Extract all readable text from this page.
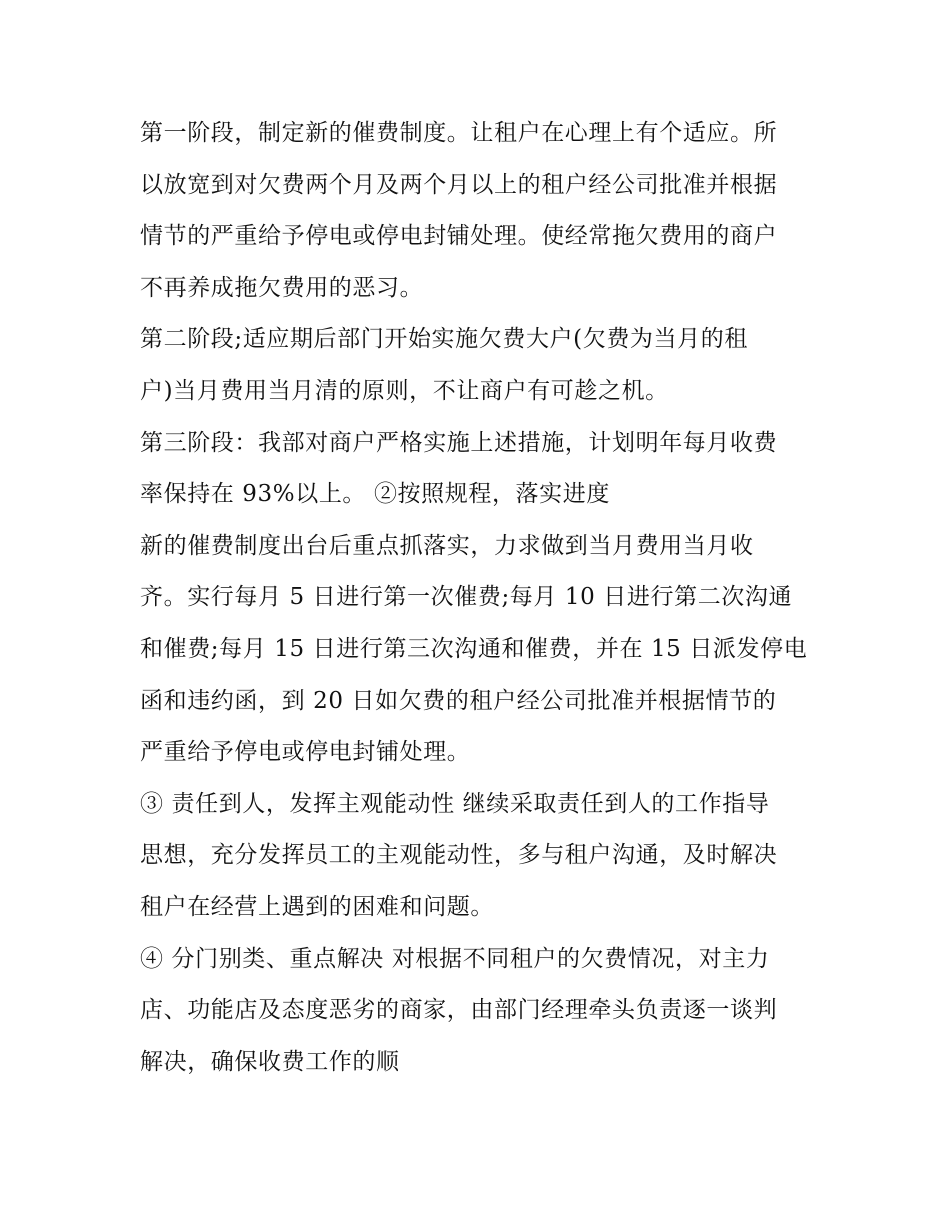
第一阶段，制定新的催费制度。让租户在心理上有个适应。所
以放宽到对欠费两个月及两个月以上的租户经公司批准并根据
情节的严重给予停电或停电封铺处理。使经常拖欠费用的商户
不再养成拖欠费用的恶习。
第二阶段;适应期后部门开始实施欠费大户(欠费为当月的租
户)当月费用当月清的原则，不让商户有可趁之机。
第三阶段：我部对商户严格实施上述措施，计划明年每月收费
率保持在 93%以上。 ②按照规程，落实进度
新的催费制度出台后重点抓落实，力求做到当月费用当月收
齐。实行每月 5 日进行第一次催费;每月 10 日进行第二次沟通
和催费;每月 15 日进行第三次沟通和催费，并在 15 日派发停电
函和违约函，到 20 日如欠费的租户经公司批准并根据情节的
严重给予停电或停电封铺处理。
③ 责任到人，发挥主观能动性 继续采取责任到人的工作指导
思想，充分发挥员工的主观能动性，多与租户沟通，及时解决
租户在经营上遇到的困难和问题。
④ 分门别类、重点解决 对根据不同租户的欠费情况，对主力
店、功能店及态度恶劣的商家，由部门经理牵头负责逐一谈判
解决，确保收费工作的顺
